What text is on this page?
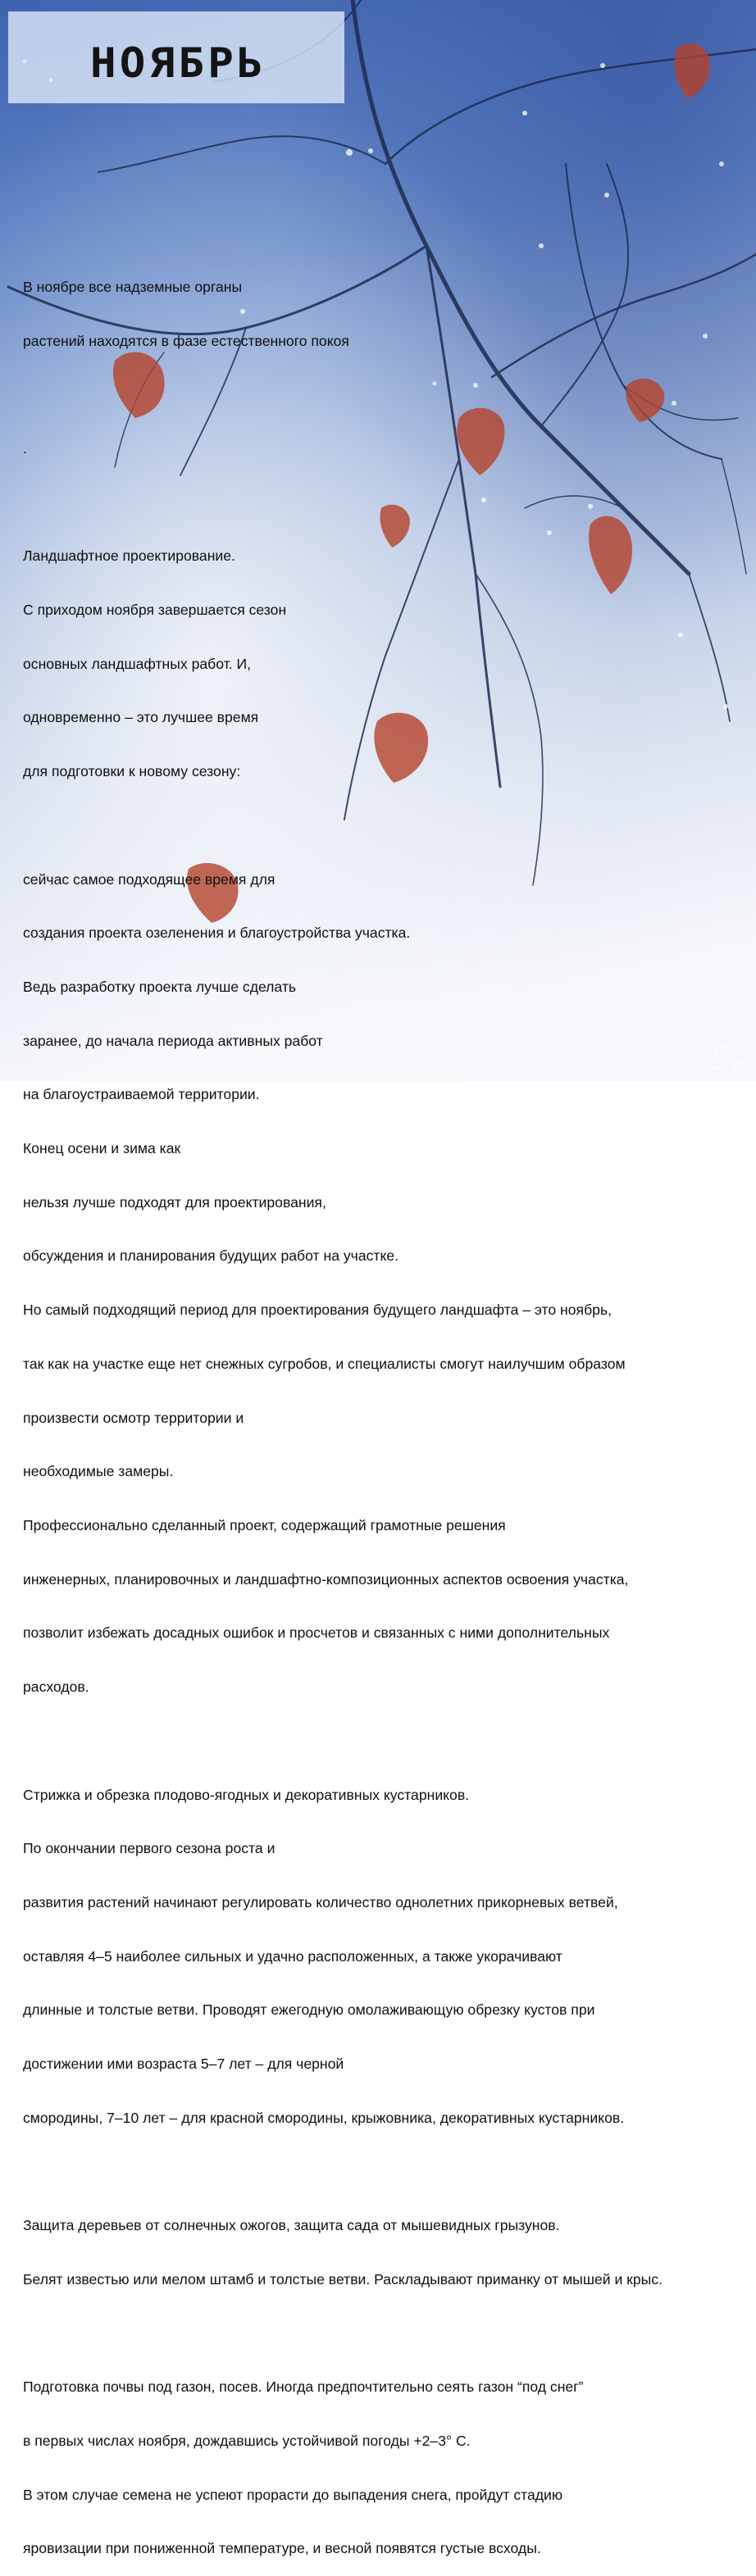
НОЯБРЬ

В ноябре все надземные органы

растений находятся в фазе естественного покоя

.

Ландшафтное проектирование.

С приходом ноября завершается сезон

основных ландшафтных работ. И,

одновременно – это лучшее время

для подготовки к новому сезону:

сейчас самое подходящее время для

создания проекта озеленения и благоустройства участка.

Ведь разработку проекта лучше сделать

заранее, до начала периода активных работ

на благоустраиваемой территории.

Конец осени и зима как

нельзя лучше подходят для проектирования,

обсуждения и планирования будущих работ на участке.

Но самый подходящий период для проектирования будущего ландшафта – это ноябрь,

так как на участке еще нет снежных сугробов, и специалисты смогут наилучшим образом

произвести осмотр территории и

необходимые замеры.

Профессионально сделанный проект, содержащий грамотные решения

инженерных, планировочных и ландшафтно-композиционных аспектов освоения участка,

позволит избежать досадных ошибок и просчетов и связанных с ними дополнительных

расходов.

Стрижка и обрезка плодово-ягодных и декоративных кустарников.

По окончании первого сезона роста и

развития растений начинают регулировать количество однолетних прикорневых ветвей,

оставляя 4–5 наиболее сильных и удачно расположенных, а также укорачивают

длинные и толстые ветви. Проводят ежегодную омолаживающую обрезку кустов при

достижении ими возраста 5–7 лет – для черной

смородины, 7–10 лет – для красной смородины, крыжовника, декоративных кустарников.

Защита деревьев от солнечных ожогов, защита сада от мышевидных грызунов.

Белят известью или мелом штамб и толстые ветви. Раскладывают приманку от мышей и крыс.

Подготовка почвы под газон, посев. Иногда предпочтительно сеять газон “под снег”

в первых числах ноября, дождавшись устойчивой погоды +2–3° С.

В этом случае семена не успеют прорасти до выпадения снега, пройдут стадию

яровизации при пониженной температуре, и весной появятся густые всходы.
